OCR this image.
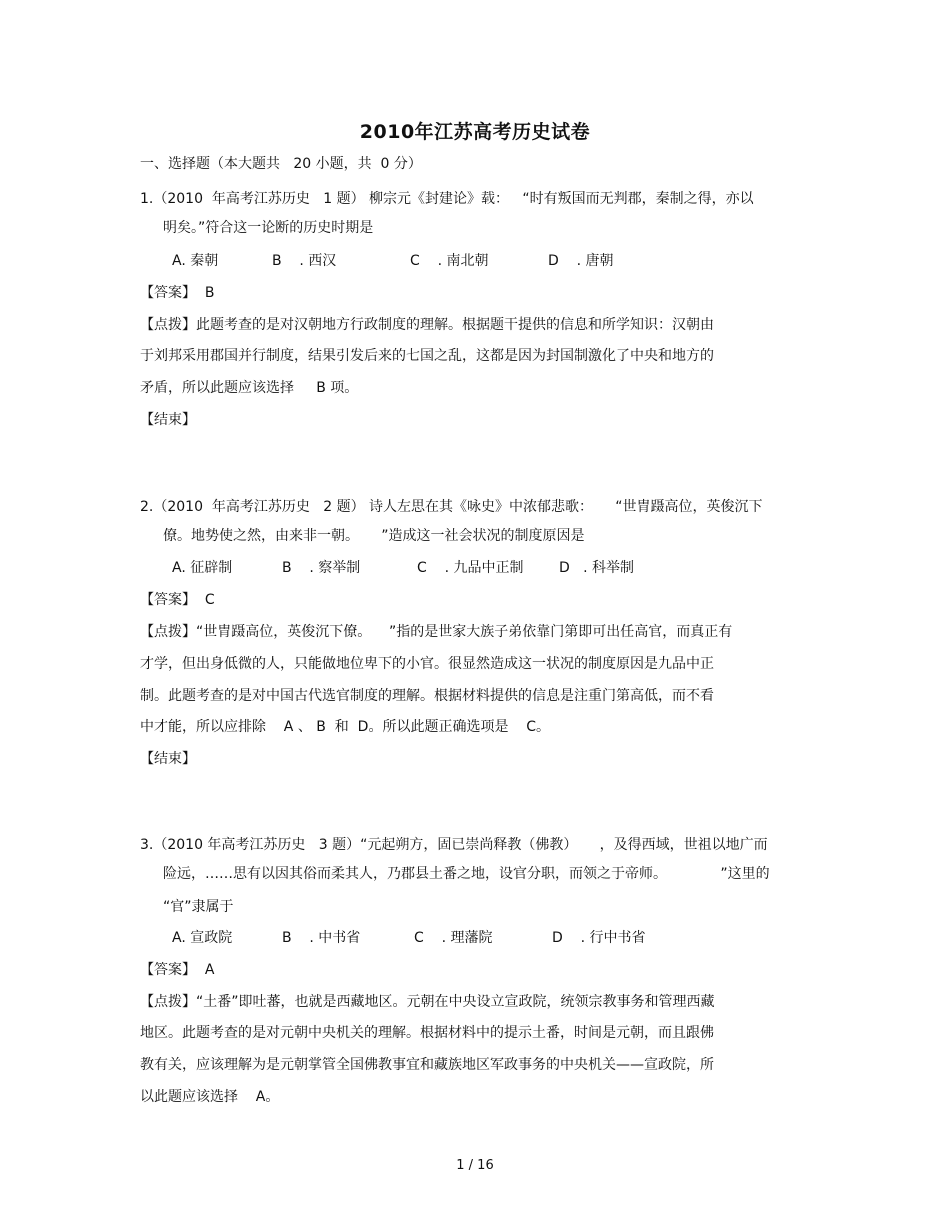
2010年江苏高考历史试卷
一、选择题（本大题共   20 小题，共  0 分）
1.（2010  年高考江苏历史   1 题） 柳宗元《封建论》载：   “时有叛国而无判郡，秦制之得，亦以
明矣。”符合这一论断的历史时期是
A. 秦朝	B    . 西汉	C    . 南北朝	D    . 唐朝
【答案】  B
【点拨】此题考查的是对汉朝地方行政制度的理解。根据题干提供的信息和所学知识：汉朝由
于刘邦采用郡国并行制度，结果引发后来的七国之乱，这都是因为封国制激化了中央和地方的
矛盾，所以此题应该选择     B 项。
【结束】
2.（2010  年高考江苏历史   2 题） 诗人左思在其《咏史》中浓郁悲歌：     “世胄蹑高位，英俊沉下
僚。地势使之然，由来非一朝。     ”造成这一社会状况的制度原因是
A. 征辟制	B    . 察举制	C    . 九品中正制	D   . 科举制
【答案】  C
【点拨】“世胄蹑高位，英俊沉下僚。    ”指的是世家大族子弟依靠门第即可出任高官，而真正有
才学，但出身低微的人，只能做地位卑下的小官。很显然造成这一状况的制度原因是九品中正
制。此题考查的是对中国古代选官制度的理解。根据材料提供的信息是注重门第高低，而不看
中才能，所以应排除    A 、 B  和  D。所以此题正确选项是    C。
【结束】
3.（2010 年高考江苏历史   3 题）“元起朔方，固已崇尚释教（佛教）     ，及得西域，世祖以地广而
险远，……思有以因其俗而柔其人，乃郡县土番之地，设官分职，而领之于帝师。            ”这里的
“官”隶属于
A. 宣政院	B    . 中书省	C    . 理藩院	D    . 行中书省
【答案】  A
【点拨】“土番”即吐蕃，也就是西藏地区。元朝在中央设立宣政院，统领宗教事务和管理西藏
地区。此题考查的是对元朝中央机关的理解。根据材料中的提示土番，时间是元朝，而且跟佛
教有关，应该理解为是元朝掌管全国佛教事宜和藏族地区军政事务的中央机关——宣政院，所
以此题应该选择    A。
1 / 16
